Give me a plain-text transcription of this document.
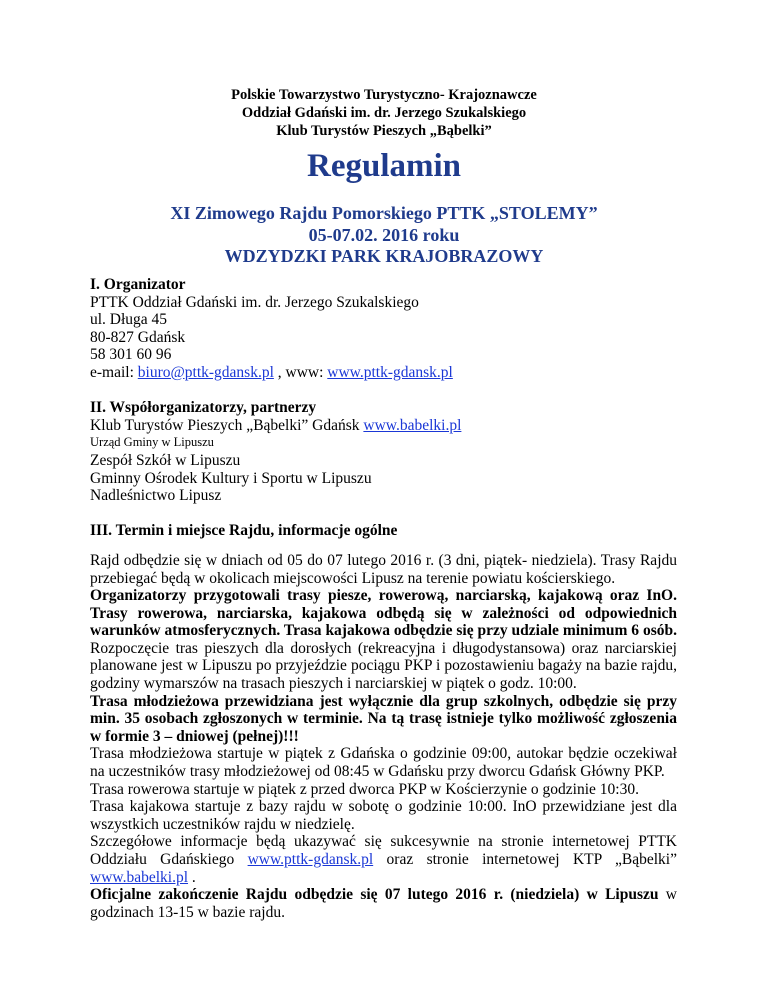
Polskie Towarzystwo Turystyczno- Krajoznawcze
Oddział Gdański im. dr. Jerzego Szukalskiego
Klub Turystów Pieszych „Bąbelki”
Regulamin
XI Zimowego Rajdu Pomorskiego PTTK „STOLEMY”
05-07.02. 2016 roku
WDZYDZKI PARK KRAJOBRAZOWY
I. Organizator
PTTK Oddział Gdański im. dr. Jerzego Szukalskiego
ul. Długa 45
80-827 Gdańsk
58 301 60 96
e-mail: biuro@pttk-gdansk.pl , www: www.pttk-gdansk.pl
II. Współorganizatorzy, partnerzy
Klub Turystów Pieszych „Bąbelki” Gdańsk www.babelki.pl
Urząd Gminy w Lipuszu
Zespół Szkół w Lipuszu
Gminny Ośrodek Kultury i Sportu w Lipuszu
Nadleśnictwo Lipusz
III. Termin i miejsce Rajdu, informacje ogólne
Rajd odbędzie się w dniach od 05 do 07 lutego 2016 r. (3 dni, piątek- niedziela). Trasy Rajdu przebiegać będą w okolicach miejscowości Lipusz na terenie powiatu kościerskiego.
Organizatorzy przygotowali trasy piesze, rowerową, narciarską, kajakową oraz InO. Trasy rowerowa, narciarska, kajakowa odbędą się w zależności od odpowiednich warunków atmosferycznych. Trasa kajakowa odbędzie się przy udziale minimum 6 osób. Rozpoczęcie tras pieszych dla dorosłych (rekreacyjna i długodystansowa) oraz narciarskiej planowane jest w Lipuszu po przyjeździe pociągu PKP i pozostawieniu bagaży na bazie rajdu, godziny wymarszów na trasach pieszych i narciarskiej w piątek o godz. 10:00.
Trasa młodzieżowa przewidziana jest wyłącznie dla grup szkolnych, odbędzie się przy min. 35 osobach zgłoszonych w terminie. Na tą trasę istnieje tylko możliwość zgłoszenia w formie 3 – dniowej (pełnej)!!!
Trasa młodzieżowa startuje w piątek z Gdańska o godzinie 09:00, autokar będzie oczekiwał na uczestników trasy młodzieżowej od 08:45 w Gdańsku przy dworcu Gdańsk Główny PKP.
Trasa rowerowa startuje w piątek z przed dworca PKP w Kościerzynie o godzinie 10:30.
Trasa kajakowa startuje z bazy rajdu w sobotę o godzinie 10:00. InO przewidziane jest dla wszystkich uczestników rajdu w niedzielę.
Szczegółowe informacje będą ukazywać się sukcesywnie na stronie internetowej PTTK Oddziału Gdańskiego www.pttk-gdansk.pl oraz stronie internetowej KTP „Bąbelki” www.babelki.pl .
Oficjalne zakończenie Rajdu odbędzie się 07 lutego 2016 r. (niedziela) w Lipuszu w godzinach 13-15 w bazie rajdu.
